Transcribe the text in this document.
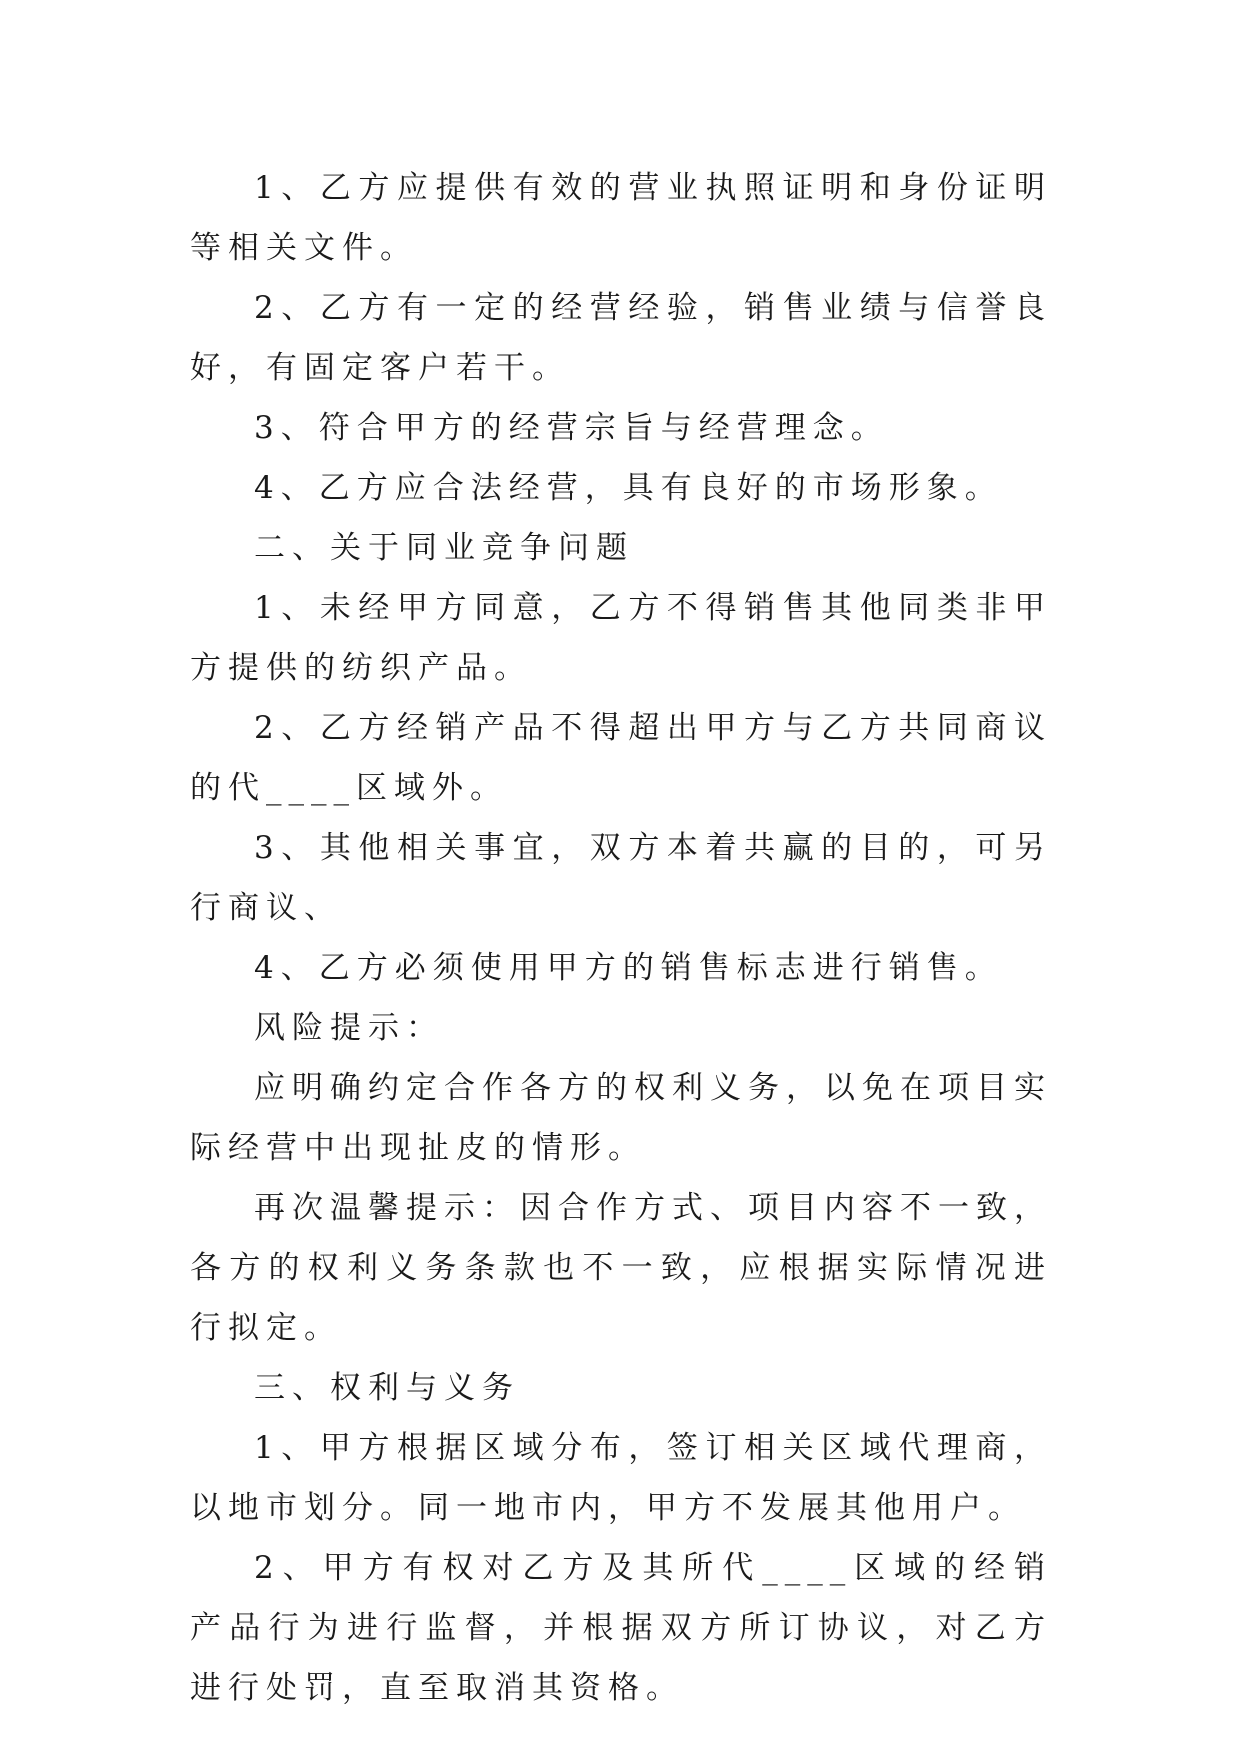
1、乙方应提供有效的营业执照证明和身份证明等相关文件。

2、乙方有一定的经营经验，销售业绩与信誉良好，有固定客户若干。

3、符合甲方的经营宗旨与经营理念。

4、乙方应合法经营，具有良好的市场形象。

二、关于同业竞争问题

1、未经甲方同意，乙方不得销售其他同类非甲方提供的纺织产品。

2、乙方经销产品不得超出甲方与乙方共同商议的代____区域外。

3、其他相关事宜，双方本着共赢的目的，可另行商议、

4、乙方必须使用甲方的销售标志进行销售。

风险提示：

应明确约定合作各方的权利义务，以免在项目实际经营中出现扯皮的情形。

再次温馨提示：因合作方式、项目内容不一致，各方的权利义务条款也不一致，应根据实际情况进行拟定。

三、权利与义务

1、甲方根据区域分布，签订相关区域代理商，以地市划分。同一地市内，甲方不发展其他用户。

2、甲方有权对乙方及其所代____区域的经销产品行为进行监督，并根据双方所订协议，对乙方进行处罚，直至取消其资格。
